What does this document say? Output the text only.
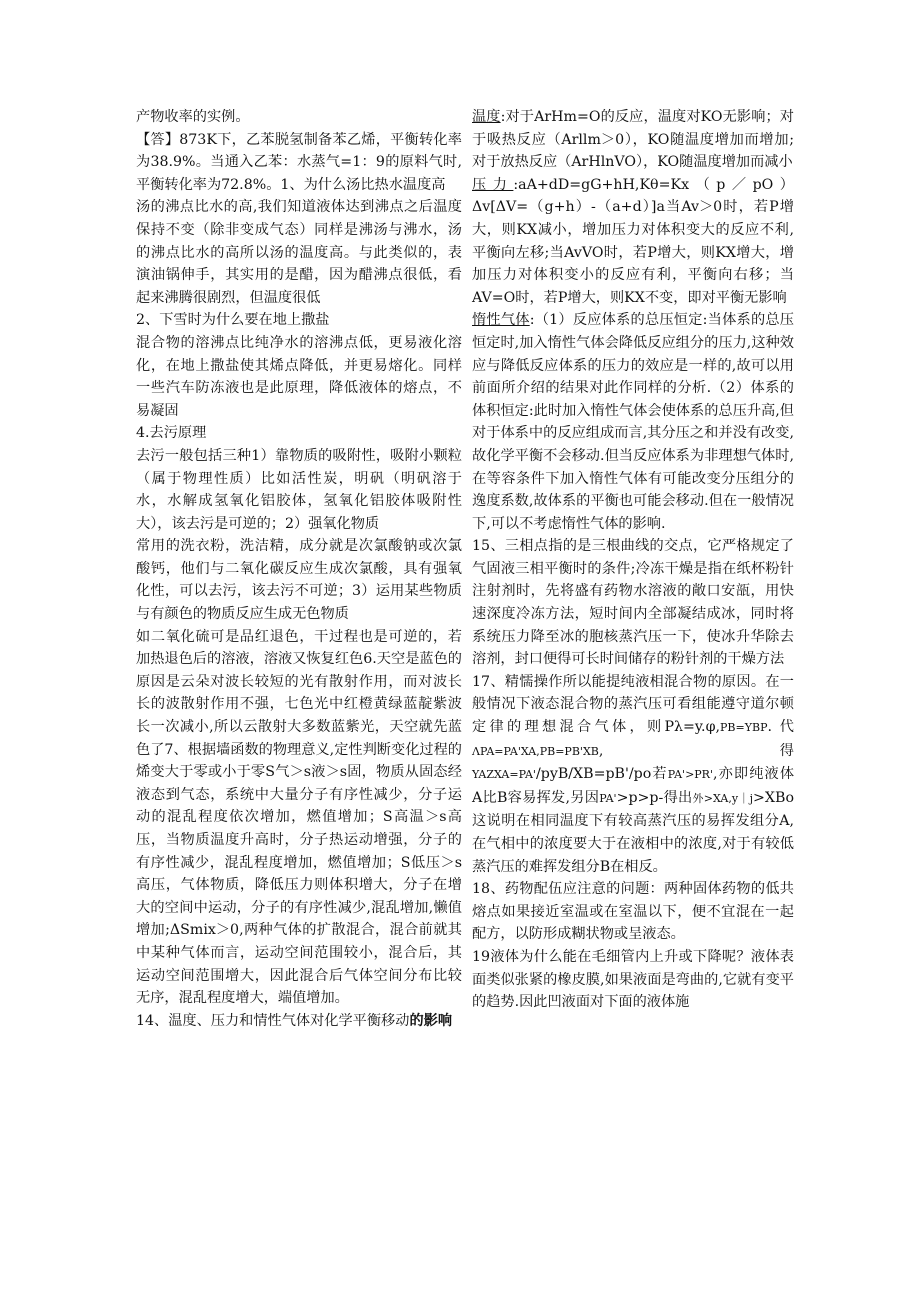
产物收率的实例。

【答】873K下，乙苯脱氢制备苯乙烯，平衡转化率为38.9%。当通入乙苯：水蒸气=1：9的原料气时,平衡转化率为72.8%。1、为什么汤比热水温度高

汤的沸点比水的高,我们知道液体达到沸点之后温度保持不变（除非变成气态）同样是沸汤与沸水，汤的沸点比水的高所以汤的温度高。与此类似的，表演油锅伸手，其实用的是醋，因为醋沸点很低，看起来沸腾很剧烈，但温度很低

2、下雪时为什么要在地上撒盐

混合物的溶沸点比纯净水的溶沸点低，更易液化溶化，在地上撒盐使其烯点降低，并更易熔化。同样一些汽车防冻液也是此原理，降低液体的熔点，不易凝固

4.去污原理

去污一般包括三种1）靠物质的吸附性，吸附小颗粒（属于物理性质）比如活性炭，明矾（明矾溶于水，水解成氢氧化铝胶体，氢氧化铝胶体吸附性大），该去污是可逆的；2）强氧化物质

常用的洗衣粉，洗洁精，成分就是次氯酸钠或次氯酸钙，他们与二氧化碳反应生成次氯酸，具有强氧化性，可以去污，该去污不可逆；3）运用某些物质与有颜色的物质反应生成无色物质

如二氧化硫可是品红退色，干过程也是可逆的，若加热退色后的溶液，溶液又恢复红色6.天空是蓝色的原因是云朵对波长较短的光有散射作用，而对波长长的波散射作用不强，七色光中红橙黄绿蓝靛紫波长一次减小,所以云散射大多数蓝紫光，天空就先蓝色了7、根据墙函数的物理意义,定性判断变化过程的烯变大于零或小于零S气＞s液＞s固，物质从固态经液态到气态，系统中大量分子有序性减少，分子运动的混乱程度依次增加，燃值增加；S高温＞s高压，当物质温度升高时，分子热运动增强，分子的有序性减少，混乱程度增加，燃值增加；S低压＞s高压，气体物质，降低压力则体积增大，分子在增大的空间中运动，分子的有序性减少,混乱增加,懒值增加;ΔSmix＞0,两种气体的扩散混合，混合前就其中某种气体而言，运动空间范围较小，混合后，其运动空间范围增大，因此混合后气体空间分布比较无序，混乱程度增大，端值增加。

14、温度、压力和情性气体对化学平衡移动的影响

温度:对于ArHm=O的反应，温度对KO无影响；对于吸热反应（Arllm＞0），KO随温度增加而增加;对于放热反应（ArHlnVO），KO随温度增加而减小

压力:aA+dD=gG+hH,Kθ=Kx（p／pO）Δv[ΔV=（g+h）-（a+d）]a当Av＞0时，若P增大，则KX减小，增加压力对体积变大的反应不利,平衡向左移;当AvVO时，若P增大，则KX增大，增加压力对体积变小的反应有利，平衡向右移；当AV=O时，若P增大，则KX不变，即对平衡无影响

惰性气体:（1）反应体系的总压恒定:当体系的总压恒定时,加入惰性气体会降低反应组分的压力,这种效应与降低反应体系的压力的效应是一样的,故可以用前面所介绍的结果对此作同样的分析.（2）体系的体积恒定:此时加入惰性气体会使体系的总压升高,但对于体系中的反应组成而言,其分压之和并没有改变,故化学平衡不会移动.但当反应体系为非理想气体时,在等容条件下加入惰性气体有可能改变分压组分的逸度系数,故体系的平衡也可能会移动.但在一般情况下,可以不考虑惰性气体的影响.

15、三相点指的是三根曲线的交点，它严格规定了气固液三相平衡时的条件;冷冻干燥是指在纸杯粉针注射剂时，先将盛有药物水溶液的敞口安瓿，用快速深度冷冻方法，短时间内全部凝结成冰，同时将系统压力降至冰的胞核蒸汽压一下，使冰升华除去溶剂，封口便得可长时间储存的粉针剂的干燥方法

17、精懦操作所以能提纯液相混合物的原因。在一般情况下液态混合物的蒸汽压可看组能遵守道尔顿定律的理想混合气体，则Pλ=y.φ,PB=YBP. 代 ΛPA=PA'XA,PB=PB'XB, 得 YAZXA=PA'/pyB/XB=pB'/po若PA'>PR',亦即纯液体A比B容易挥发,另因PA'>p>p-得出外>XA,y｜j>XBo这说明在相同温度下有较高蒸汽压的易挥发组分A,在气相中的浓度要大于在液相中的浓度,对于有较低蒸汽压的难挥发组分B在相反。

18、药物配伍应注意的问题：两种固体药物的低共熔点如果接近室温或在室温以下，便不宜混在一起配方，以防形成糊状物或呈液态。

19液体为什么能在毛细管内上升或下降呢？液体表面类似张紧的橡皮膜,如果液面是弯曲的,它就有变平的趋势.因此凹液面对下面的液体施
